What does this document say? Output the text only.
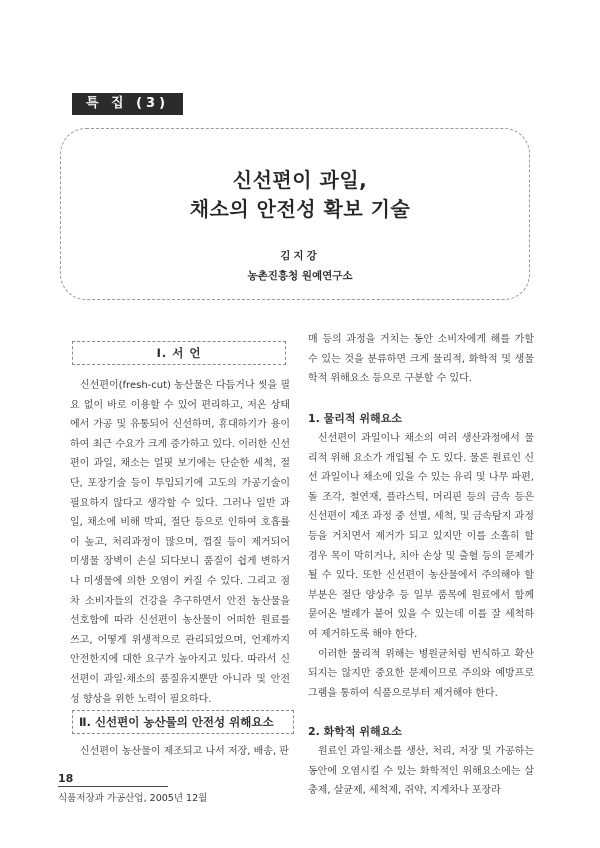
특 집 (3)
신선편이 과일,
채소의 안전성 확보 기술
김지강
농촌진흥청 원예연구소
Ⅰ. 서 언

신선편이(fresh-cut) 농산물은 다듬거나 씻을 필요 없이 바로 이용할 수 있어 편리하고, 저온 상태에서 가공 및 유통되어 신선하며, 휴대하기가 용이하여 최근 수요가 크게 증가하고 있다. 이러한 신선편이 과일, 채소는 얼핏 보기에는 단순한 세척, 절단, 포장기술 등이 투입되기에 고도의 가공기술이 필요하지 않다고 생각할 수 있다. 그러나 일반 과일, 채소에 비해 박피, 절단 등으로 인하여 호흡률이 높고, 처리과정이 많으며, 껍질 등이 제거되어 미생물 장벽이 손실 되다보니 품질이 쉽게 변하거나 미생물에 의한 오염이 커질 수 있다. 그리고 점차 소비자들의 건강을 추구하면서 안전 농산물을 선호함에 따라 신선편이 농산물이 어떠한 원료를 쓰고, 어떻게 위생적으로 관리되었으며, 언제까지 안전한지에 대한 요구가 높아지고 있다. 따라서 신선편이 과일·채소의 품질유지뿐만 아니라 및 안전성 향상을 위한 노력이 필요하다.

Ⅱ. 신선편이 농산물의 안전성 위해요소

신선편이 농산물이 제조되고 나서 저장, 배송, 판

매 등의 과정을 거치는 동안 소비자에게 해를 가할 수 있는 것을 분류하면 크게 물리적, 화학적 및 생물학적 위해요소 등으로 구분할 수 있다.

1. 물리적 위해요소

신선편이 과일이나 채소의 여러 생산과정에서 물리적 위해 요소가 개입될 수 도 있다. 물론 원료인 신선 과일이나 채소에 있을 수 있는 유리 및 나무 파편, 돌 조각, 철연재, 플라스틱, 머리핀 등의 금속 등은 신선편이 제조 과정 중 선별, 세척, 및 금속탐지 과정 등을 거치면서 제거가 되고 있지만 이를 소홀히 할 경우 목이 막히거나, 치아 손상 및 출혈 등의 문제가 될 수 있다. 또한 신선편이 농산물에서 주의해야 할 부분은 절단 양상추 등 일부 품목에 원료에서 함께 묻어온 벌레가 붙어 있을 수 있는데 이를 잘 세척하여 제거하도록 해야 한다.

이러한 물리적 위해는 병원균처럼 번식하고 확산되지는 않지만 중요한 문제이므로 주의와 예방프로그램을 통하여 식품으로부터 제거해야 한다.

2. 화학적 위해요소

원료인 과일·채소를 생산, 처리, 저장 및 가공하는 동안에 오염시킬 수 있는 화학적인 위해요소에는 살충제, 살균제, 세척제, 쥐약, 지게차나 포장라

18
식품저장과 가공산업, 2005년 12월
